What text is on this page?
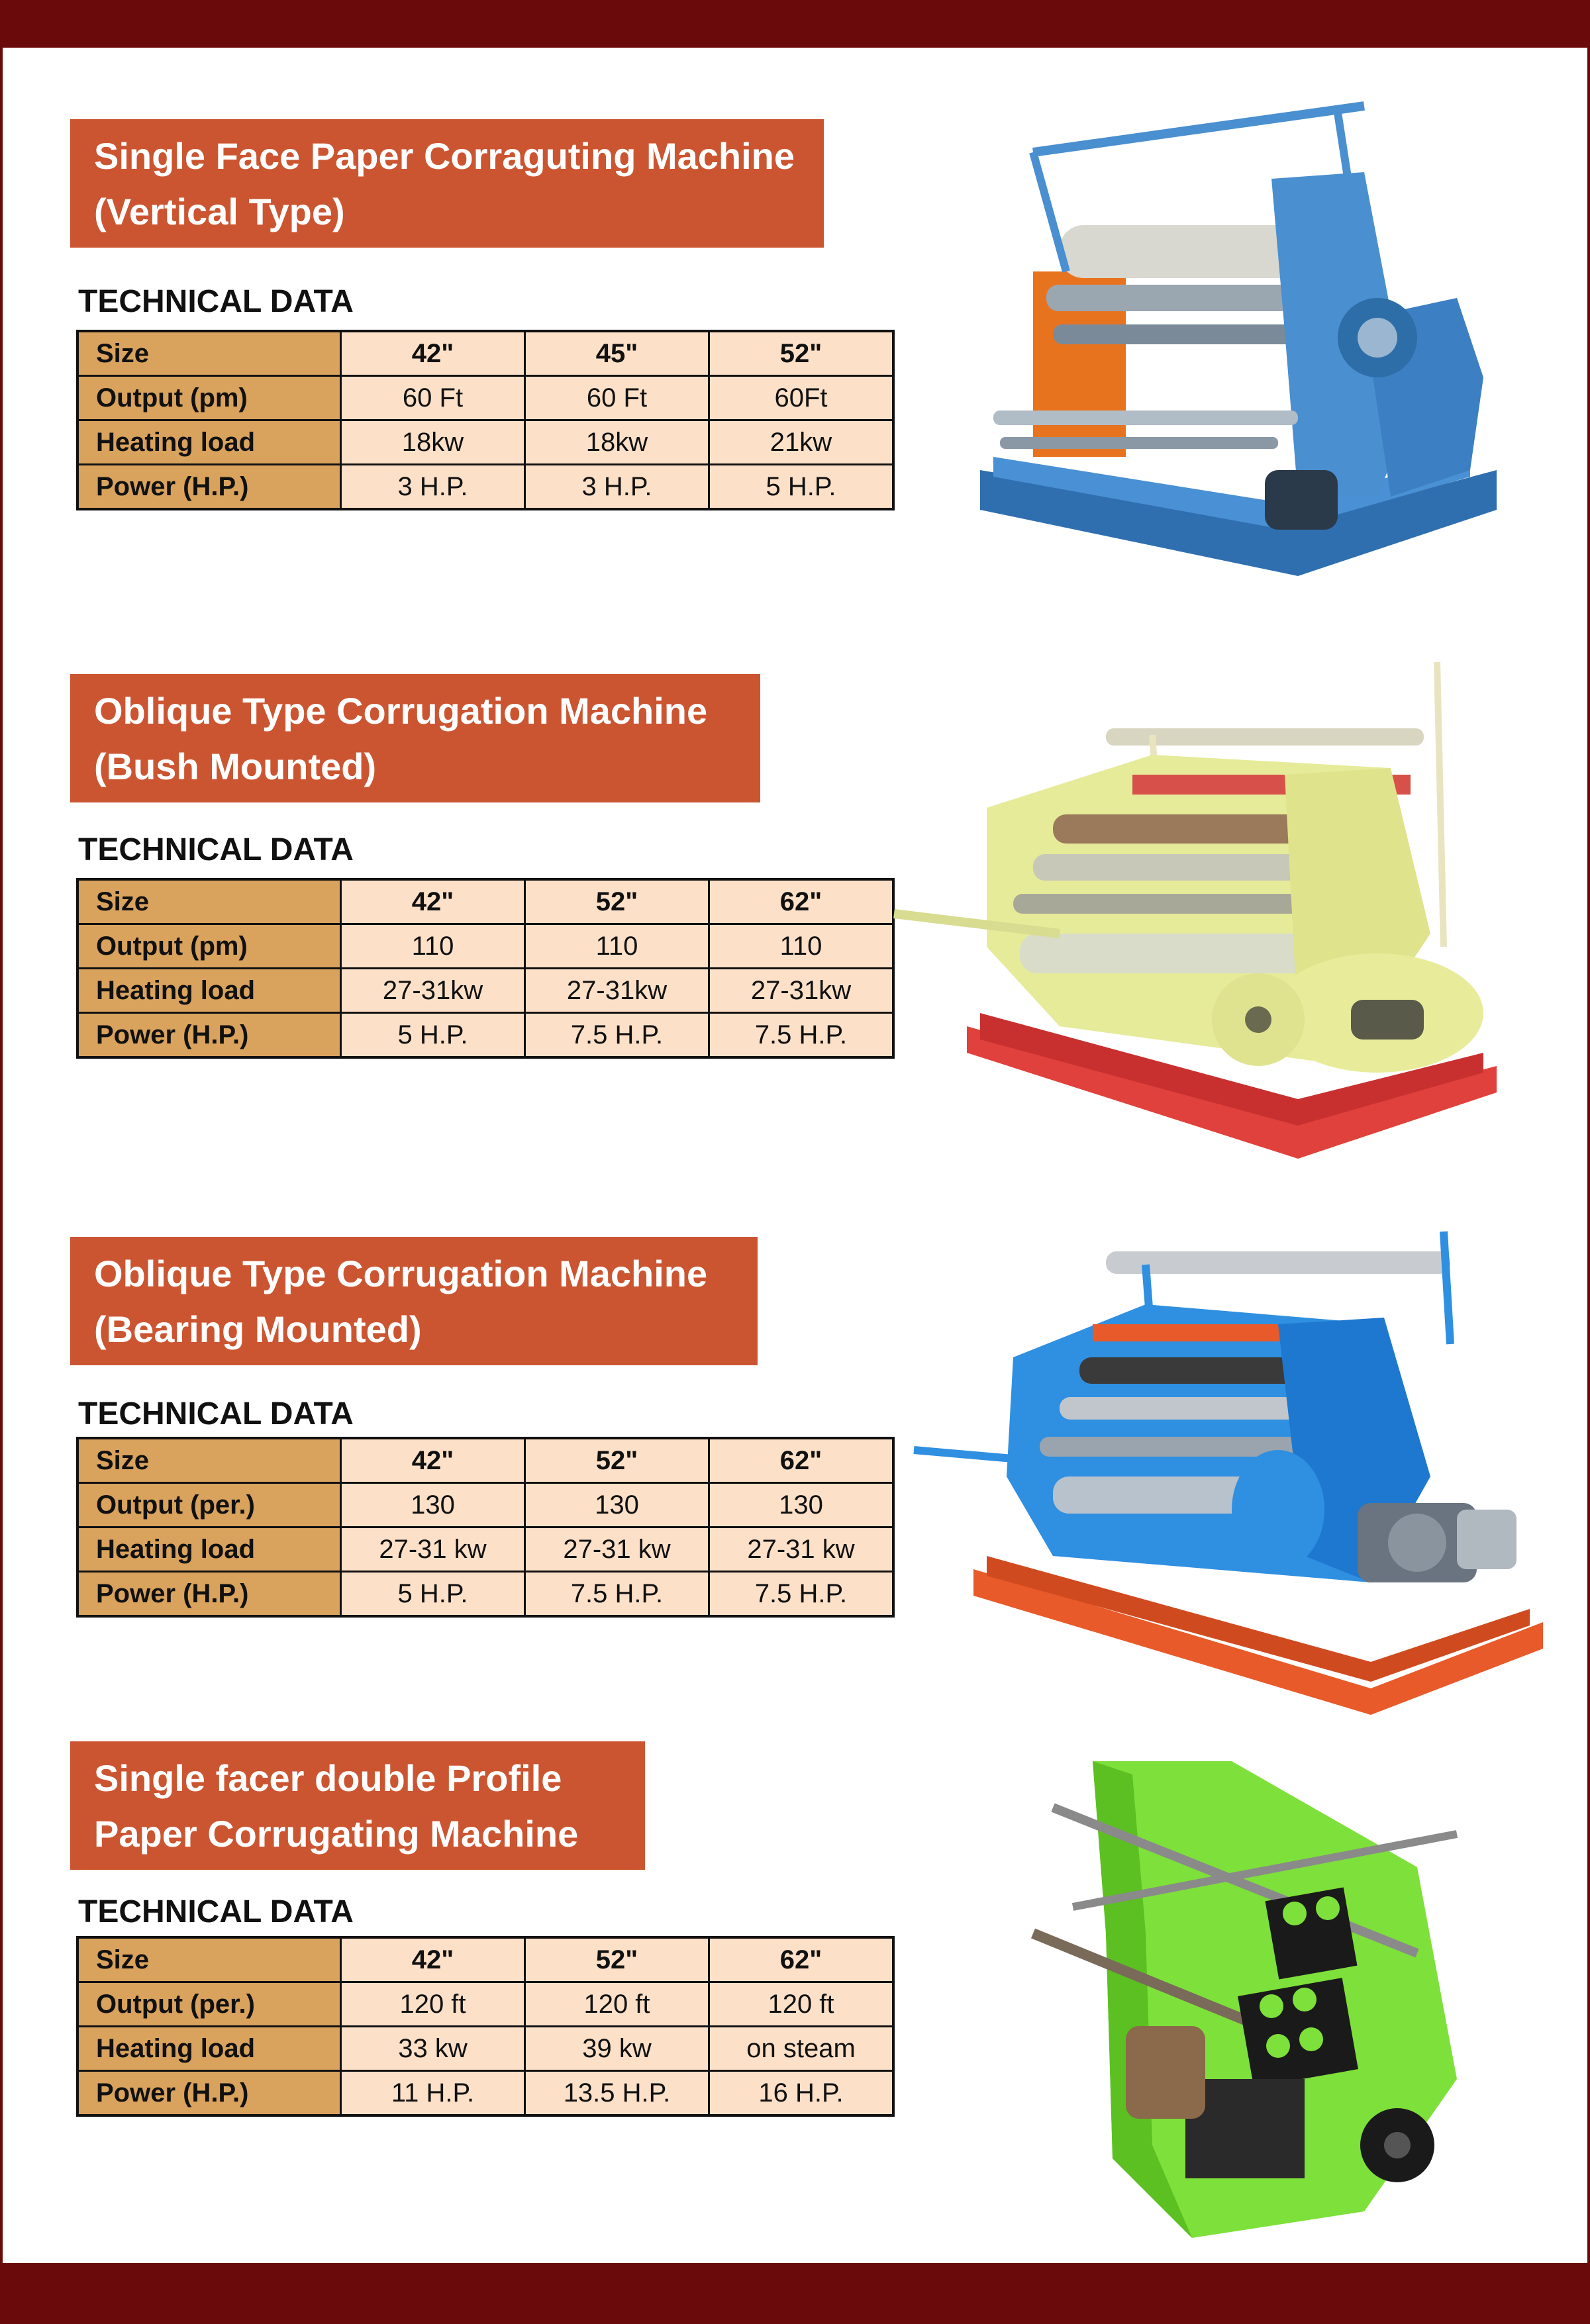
Single Face Paper Corraguting Machine
(Vertical Type)
TECHNICAL DATA
Size	42"	45"	52"
Output (pm)	60 Ft	60 Ft	60Ft
Heating load	18kw	18kw	21kw
Power (H.P.)	3 H.P.	3 H.P.	5 H.P.
Oblique Type Corrugation Machine
(Bush Mounted)
TECHNICAL DATA
Size	42"	52"	62"
Output (pm)	110	110	110
Heating load	27-31kw	27-31kw	27-31kw
Power (H.P.)	5 H.P.	7.5 H.P.	7.5 H.P.
Oblique Type Corrugation Machine
(Bearing Mounted)
TECHNICAL DATA
Size	42"	52"	62"
Output (per.)	130	130	130
Heating load	27-31 kw	27-31 kw	27-31 kw
Power (H.P.)	5 H.P.	7.5 H.P.	7.5 H.P.
Single facer double Profile
Paper Corrugating Machine
TECHNICAL DATA
Size	42"	52"	62"
Output (per.)	120 ft	120 ft	120 ft
Heating load	33 kw	39 kw	on steam
Power (H.P.)	11 H.P.	13.5 H.P.	16 H.P.
